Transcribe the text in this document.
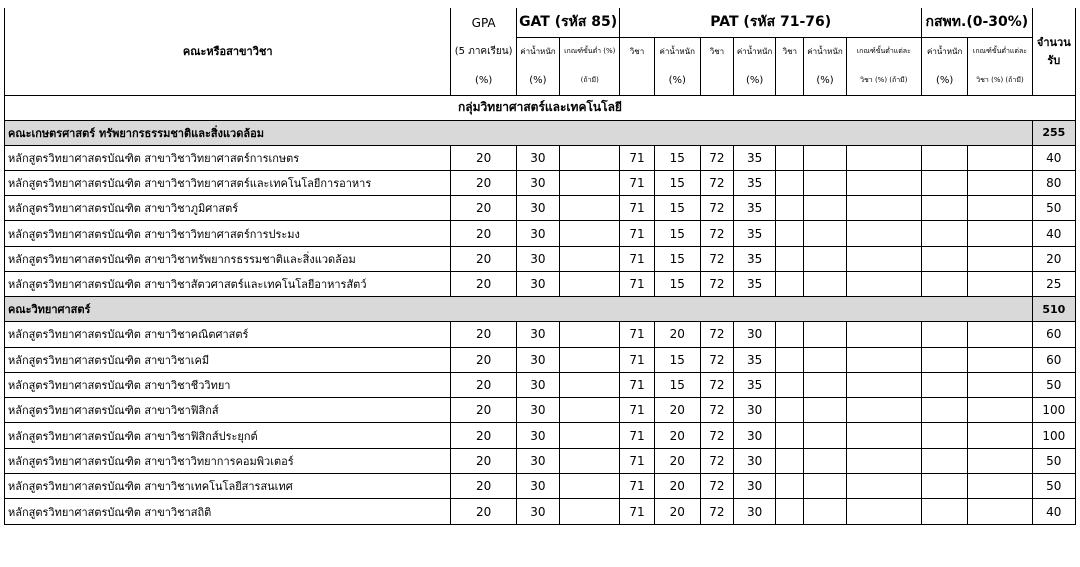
คณะหรือสาขาวิชา	GPA	GAT (รหัส 85)		PAT (รหัส 71-76)							กสพท.(0-30%)		จำนวน
รับ
	(5 ภาคเรียน)	ค่าน้ำหนัก	เกณฑ์ขั้นต่ำ (%)	วิชา	ค่าน้ำหนัก	วิชา	ค่าน้ำหนัก	วิชา	ค่าน้ำหนัก	เกณฑ์ขั้นต่ำแต่ละ	ค่าน้ำหนัก	เกณฑ์ขั้นต่ำแต่ละ	
	(%)	(%)	(ถ้ามี)		(%)		(%)		(%)	วิชา (%) (ถ้ามี)	(%)	วิชา (%) (ถ้ามี)	
กลุ่มวิทยาศาสตร์และเทคโนโลยี													
คณะเกษตรศาสตร์ ทรัพยากรธรรมชาติและสิ่งแวดล้อม													255
หลักสูตรวิทยาศาสตรบัณฑิต สาขาวิชาวิทยาศาสตร์การเกษตร	20	30		71	15	72	35						40
หลักสูตรวิทยาศาสตรบัณฑิต สาขาวิชาวิทยาศาสตร์และเทคโนโลยีการอาหาร	20	30		71	15	72	35						80
หลักสูตรวิทยาศาสตรบัณฑิต สาขาวิชาภูมิศาสตร์	20	30		71	15	72	35						50
หลักสูตรวิทยาศาสตรบัณฑิต สาขาวิชาวิทยาศาสตร์การประมง	20	30		71	15	72	35						40
หลักสูตรวิทยาศาสตรบัณฑิต สาขาวิชาทรัพยากรธรรมชาติและสิ่งแวดล้อม	20	30		71	15	72	35						20
หลักสูตรวิทยาศาสตรบัณฑิต สาขาวิชาสัตวศาสตร์และเทคโนโลยีอาหารสัตว์	20	30		71	15	72	35						25
คณะวิทยาศาสตร์													510
หลักสูตรวิทยาศาสตรบัณฑิต สาขาวิชาคณิตศาสตร์	20	30		71	20	72	30						60
หลักสูตรวิทยาศาสตรบัณฑิต สาขาวิชาเคมี	20	30		71	15	72	35						60
หลักสูตรวิทยาศาสตรบัณฑิต สาขาวิชาชีววิทยา	20	30		71	15	72	35						50
หลักสูตรวิทยาศาสตรบัณฑิต สาขาวิชาฟิสิกส์	20	30		71	20	72	30						100
หลักสูตรวิทยาศาสตรบัณฑิต สาขาวิชาฟิสิกส์ประยุกต์	20	30		71	20	72	30						100
หลักสูตรวิทยาศาสตรบัณฑิต สาขาวิชาวิทยาการคอมพิวเตอร์	20	30		71	20	72	30						50
หลักสูตรวิทยาศาสตรบัณฑิต สาขาวิชาเทคโนโลยีสารสนเทศ	20	30		71	20	72	30						50
หลักสูตรวิทยาศาสตรบัณฑิต สาขาวิชาสถิติ	20	30		71	20	72	30						40
